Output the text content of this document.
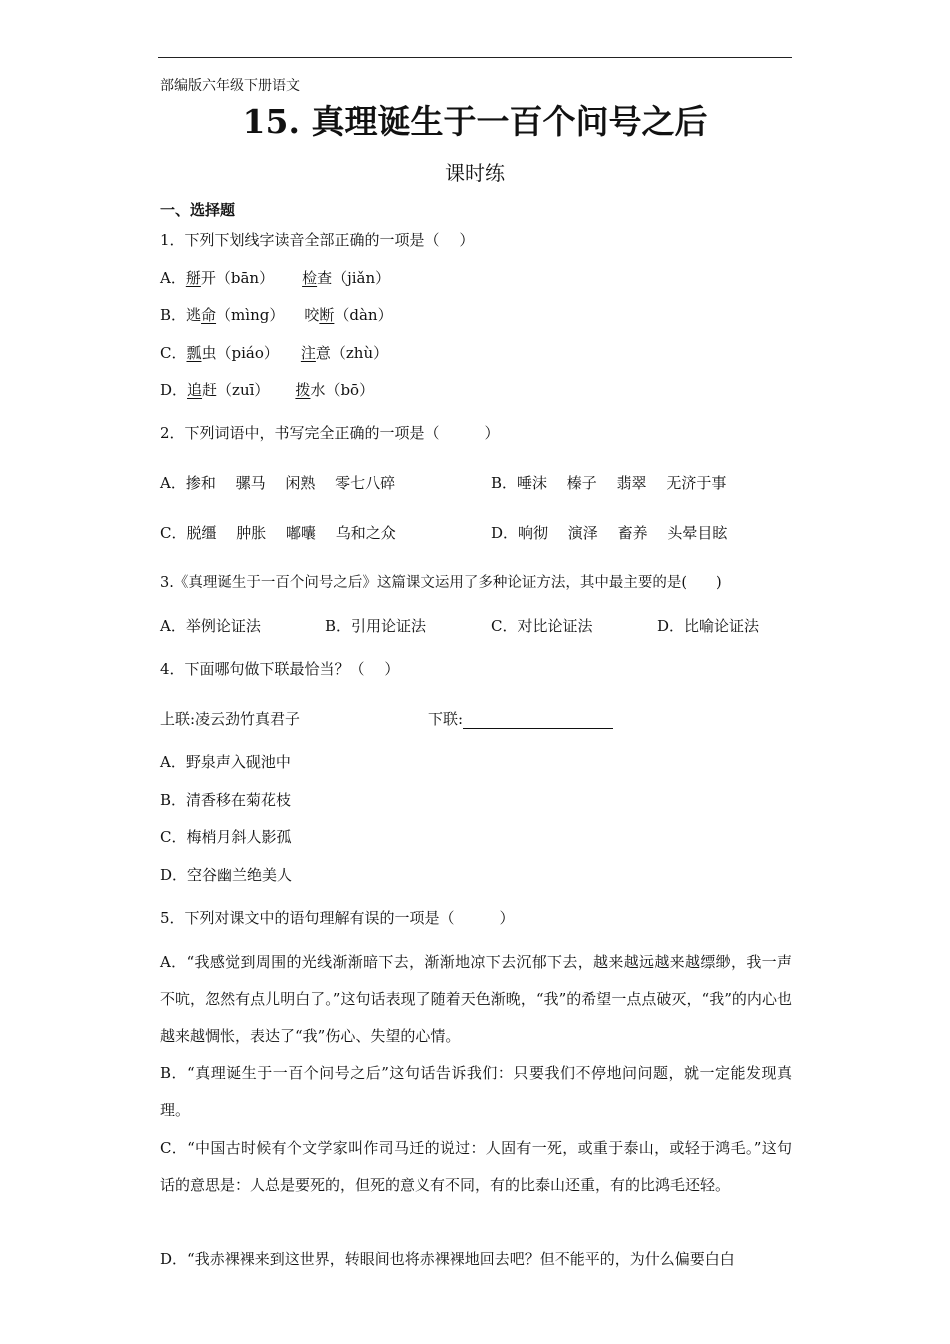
部编版六年级下册语文
15. 真理诞生于一百个问号之后
课时练
一、选择题
1．下列下划线字读音全部正确的一项是（　 ）
A．掰开（bān） 检查（jiǎn）
B．逃命（mìng） 咬断（dàn）
C．瓢虫（piáo） 注意（zhù）
D．追赶（zuī） 拨水（bō）
2．下列词语中，书写完全正确的一项是（　　　）
A．掺和　 骡马　 闲熟　 零七八碎	B．唾沫　 榛子　 翡翠　 无济于事
C．脱缰　 肿胀　 嘟囔　 乌和之众	D．响彻　 演泽　 畜养　 头晕目眩
3.《真理诞生于一百个问号之后》这篇课文运用了多种论证方法，其中最主要的是(　　)
A．举例论证法	B．引用论证法	C．对比论证法	D．比喻论证法
4．下面哪句做下联最恰当？（　 ）
上联:凌云劲竹真君子	下联:
A．野泉声入砚池中
B．清香移在菊花枝
C．梅梢月斜人影孤
D．空谷幽兰绝美人
5．下列对课文中的语句理解有误的一项是（　　　）
A．“我感觉到周围的光线渐渐暗下去，渐渐地凉下去沉郁下去，越来越远越来越缥缈，我一声不吭，忽然有点儿明白了。”这句话表现了随着天色渐晚，“我”的希望一点点破灭，“我”的内心也越来越惆怅，表达了“我”伤心、失望的心情。
B．“真理诞生于一百个问号之后”这句话告诉我们：只要我们不停地问问题，就一定能发现真理。
C．“中国古时候有个文学家叫作司马迁的说过：人固有一死，或重于泰山，或轻于鸿毛。”这句话的意思是：人总是要死的，但死的意义有不同，有的比泰山还重，有的比鸿毛还轻。
D．“我赤裸裸来到这世界，转眼间也将赤裸裸地回去吧？但不能平的，为什么偏要白白
